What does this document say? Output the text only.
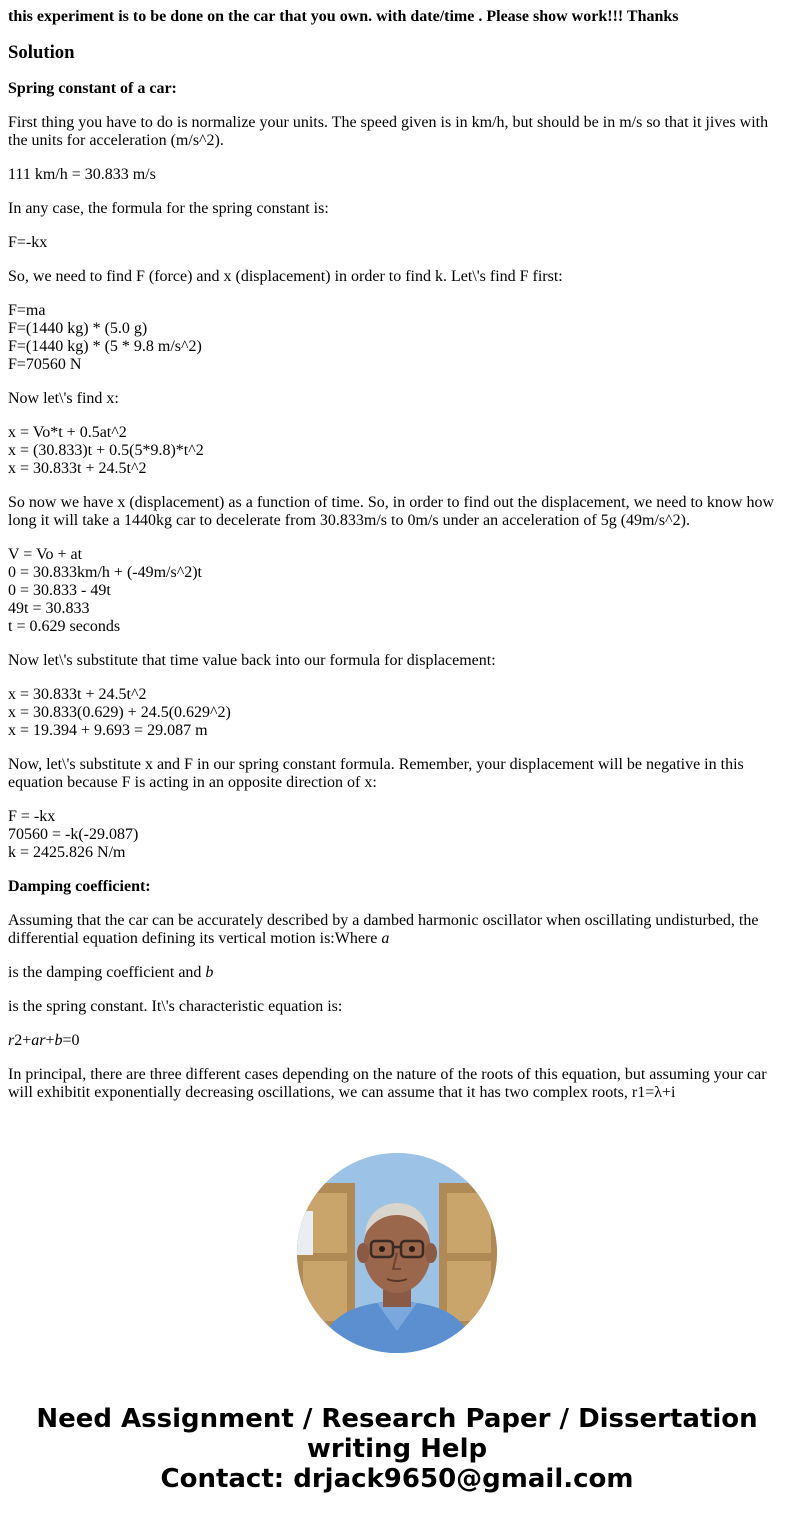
this experiment is to be done on the car that you own. with date/time . Please show work!!! Thanks
Solution
Spring constant of a car:
First thing you have to do is normalize your units. The speed given is in km/h, but should be in m/s so that it jives with the units for acceleration (m/s^2).
111 km/h = 30.833 m/s
In any case, the formula for the spring constant is:
F=-kx
So, we need to find F (force) and x (displacement) in order to find k. Let\'s find F first:
F=ma
F=(1440 kg) * (5.0 g)
F=(1440 kg) * (5 * 9.8 m/s^2)
F=70560 N
Now let\'s find x:
x = Vo*t + 0.5at^2
x = (30.833)t + 0.5(5*9.8)*t^2
x = 30.833t + 24.5t^2
So now we have x (displacement) as a function of time. So, in order to find out the displacement, we need to know how long it will take a 1440kg car to decelerate from 30.833m/s to 0m/s under an acceleration of 5g (49m/s^2).
V = Vo + at
0 = 30.833km/h + (-49m/s^2)t
0 = 30.833 - 49t
49t = 30.833
t = 0.629 seconds
Now let\'s substitute that time value back into our formula for displacement:
x = 30.833t + 24.5t^2
x = 30.833(0.629) + 24.5(0.629^2)
x = 19.394 + 9.693 = 29.087 m
Now, let\'s substitute x and F in our spring constant formula. Remember, your displacement will be negative in this equation because F is acting in an opposite direction of x:
F = -kx
70560 = -k(-29.087)
k = 2425.826 N/m
Damping coefficient:
Assuming that the car can be accurately described by a dambed harmonic oscillator when oscillating undisturbed, the differential equation defining its vertical motion is:Where a
is the damping coefficient and b
is the spring constant. It\'s characteristic equation is:
r2+ar+b=0
In principal, there are three different cases depending on the nature of the roots of this equation, but assuming your car will exhibitit exponentially decreasing oscillations, we can assume that it has two complex roots, r1=λ+i
Need Assignment / Research Paper / Dissertation
writing Help
Contact: drjack9650@gmail.com
